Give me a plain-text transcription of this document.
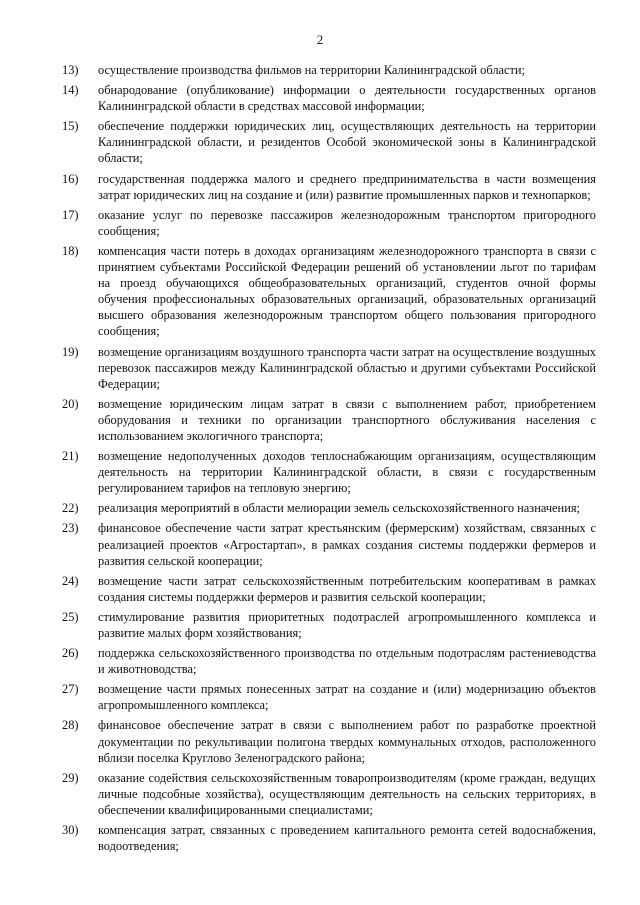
2
13)	осуществление производства фильмов на территории Калининградской области;
14)	обнародование (опубликование) информации о деятельности государственных органов Калининградской области в средствах массовой информации;
15)	обеспечение поддержки юридических лиц, осуществляющих деятельность на территории Калининградской области, и резидентов Особой экономической зоны в Калининградской области;
16)	государственная поддержка малого и среднего предпринимательства в части возмещения затрат юридических лиц на создание и (или) развитие промышленных парков и технопарков;
17)	оказание услуг по перевозке пассажиров железнодорожным транспортом пригородного сообщения;
18)	компенсация части потерь в доходах организациям железнодорожного транспорта в связи с принятием субъектами Российской Федерации решений об установлении льгот по тарифам на проезд обучающихся общеобразовательных организаций, студентов очной формы обучения профессиональных образовательных организаций, образовательных организаций высшего образования железнодорожным транспортом общего пользования пригородного сообщения;
19)	возмещение организациям воздушного транспорта части затрат на осуществление воздушных перевозок пассажиров между Калининградской областью и другими субъектами Российской Федерации;
20)	возмещение юридическим лицам затрат в связи с выполнением работ, приобретением оборудования и техники по организации транспортного обслуживания населения с использованием экологичного транспорта;
21)	возмещение недополученных доходов теплоснабжающим организациям, осуществляющим деятельность на территории Калининградской области, в связи с государственным регулированием тарифов на тепловую энергию;
22)	реализация мероприятий в области мелиорации земель сельскохозяйственного назначения;
23)	финансовое обеспечение части затрат крестьянским (фермерским) хозяйствам, связанных с реализацией проектов «Агростартап», в рамках создания системы поддержки фермеров и развития сельской кооперации;
24)	возмещение части затрат сельскохозяйственным потребительским кооперативам в рамках создания системы поддержки фермеров и развития сельской кооперации;
25)	стимулирование развития приоритетных подотраслей агропромышленного комплекса и развитие малых форм хозяйствования;
26)	поддержка сельскохозяйственного производства по отдельным подотраслям растениеводства и животноводства;
27)	возмещение части прямых понесенных затрат на создание и (или) модернизацию объектов агропромышленного комплекса;
28)	финансовое обеспечение затрат в связи с выполнением работ по разработке проектной документации по рекультивации полигона твердых коммунальных отходов, расположенного вблизи поселка Круглово Зеленоградского района;
29)	оказание содействия сельскохозяйственным товаропроизводителям (кроме граждан, ведущих личные подсобные хозяйства), осуществляющим деятельность на сельских территориях, в обеспечении квалифицированными специалистами;
30)	компенсация затрат, связанных с проведением капитального ремонта сетей водоснабжения, водоотведения;
